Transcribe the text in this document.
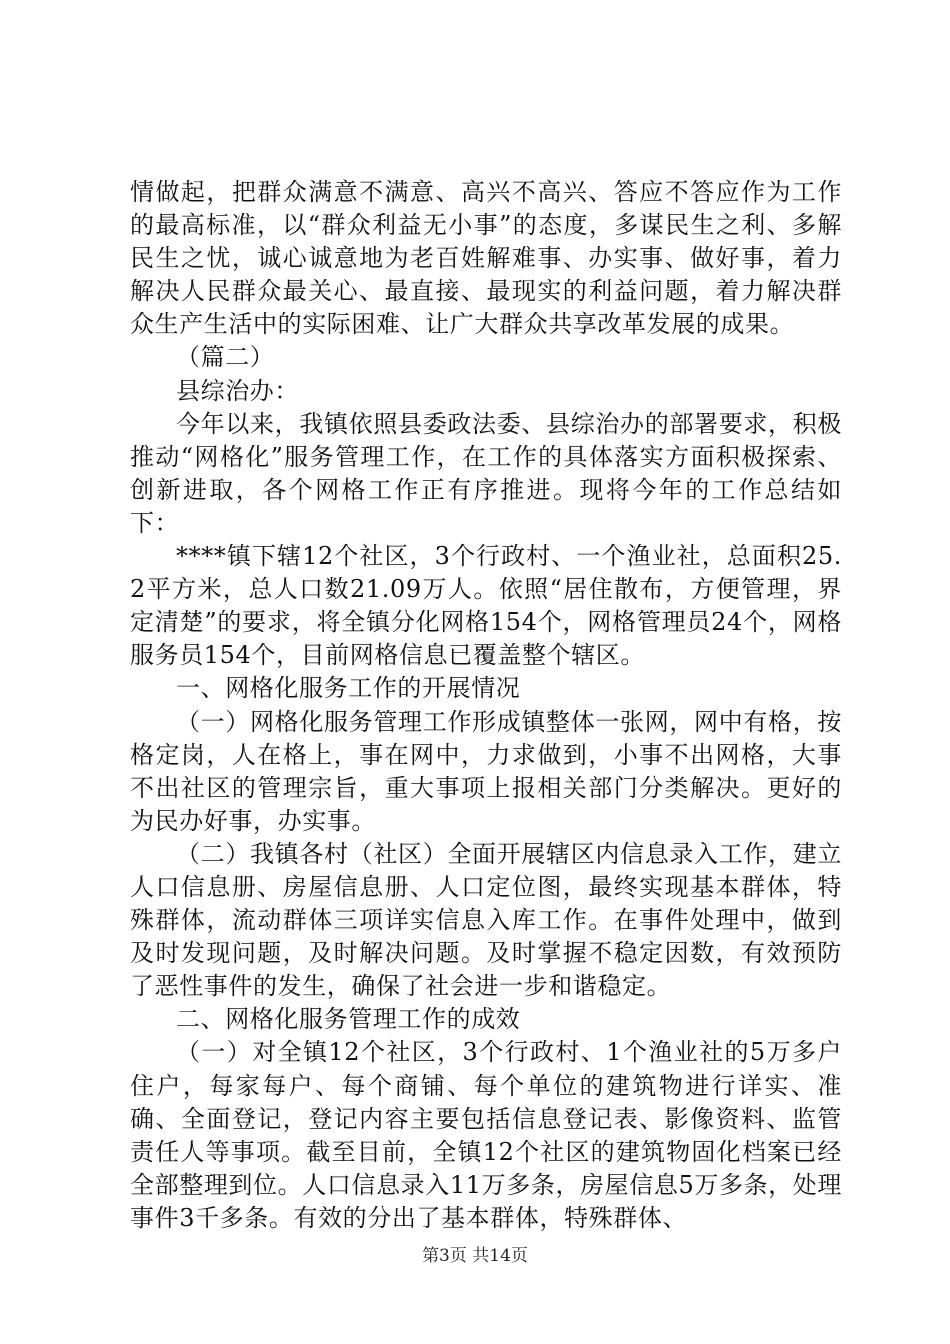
情做起，把群众满意不满意、高兴不高兴、答应不答应作为工作的最高标准，以“群众利益无小事”的态度，多谋民生之利、多解民生之忧，诚心诚意地为老百姓解难事、办实事、做好事，着力解决人民群众最关心、最直接、最现实的利益问题，着力解决群众生产生活中的实际困难、让广大群众共享改革发展的成果。

（篇二）

县综治办：

今年以来，我镇依照县委政法委、县综治办的部署要求，积极推动“网格化”服务管理工作，在工作的具体落实方面积极探索、创新进取，各个网格工作正有序推进。现将今年的工作总结如下：

****镇下辖12个社区，3个行政村、一个渔业社，总面积25.2平方米，总人口数21.09万人。依照“居住散布，方便管理，界定清楚”的要求，将全镇分化网格154个，网格管理员24个，网格服务员154个，目前网格信息已覆盖整个辖区。

一、网格化服务工作的开展情况

（一）网格化服务管理工作形成镇整体一张网，网中有格，按格定岗，人在格上，事在网中，力求做到，小事不出网格，大事不出社区的管理宗旨，重大事项上报相关部门分类解决。更好的为民办好事，办实事。

（二）我镇各村（社区）全面开展辖区内信息录入工作，建立人口信息册、房屋信息册、人口定位图，最终实现基本群体，特殊群体，流动群体三项详实信息入库工作。在事件处理中，做到及时发现问题，及时解决问题。及时掌握不稳定因数，有效预防了恶性事件的发生，确保了社会进一步和谐稳定。

二、网格化服务管理工作的成效

（一）对全镇12个社区，3个行政村、1个渔业社的5万多户住户，每家每户、每个商铺、每个单位的建筑物进行详实、准确、全面登记，登记内容主要包括信息登记表、影像资料、监管责任人等事项。截至目前，全镇12个社区的建筑物固化档案已经全部整理到位。人口信息录入11万多条，房屋信息5万多条，处理事件3千多条。有效的分出了基本群体，特殊群体、

第3页 共14页
